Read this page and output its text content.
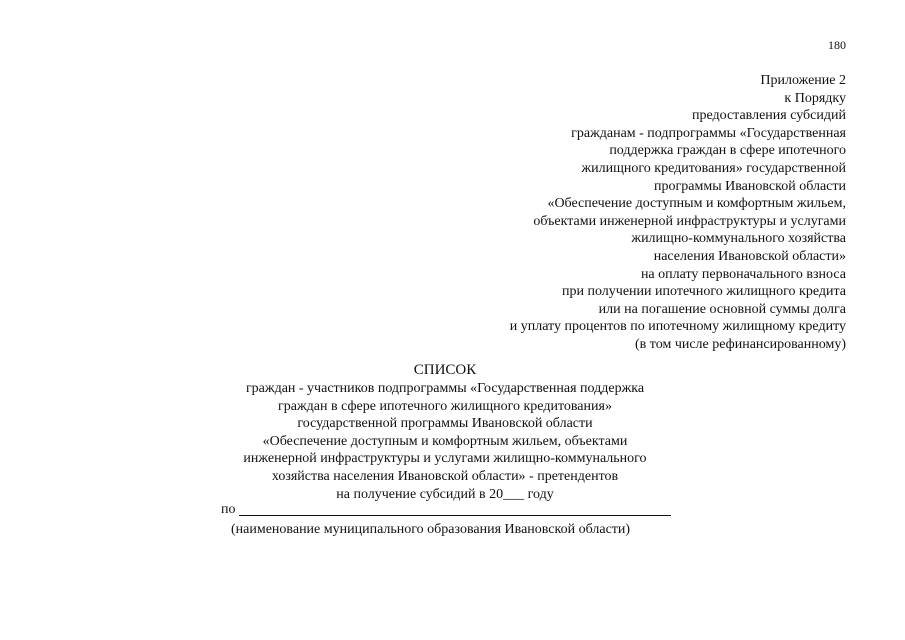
180
Приложение 2
к Порядку
предоставления субсидий
гражданам - подпрограммы «Государственная
поддержка граждан в сфере ипотечного
жилищного кредитования» государственной
программы Ивановской области
«Обеспечение доступным и комфортным жильем,
объектами инженерной инфраструктуры и услугами
жилищно-коммунального хозяйства
населения Ивановской области»
на оплату первоначального взноса
при получении ипотечного жилищного кредита
или на погашение основной суммы долга
и уплату процентов по ипотечному жилищному кредиту
(в том числе рефинансированному)
СПИСОК
граждан - участников подпрограммы «Государственная поддержка
граждан в сфере ипотечного жилищного кредитования»
государственной программы Ивановской области
«Обеспечение доступным и комфортным жильем, объектами
инженерной инфраструктуры и услугами жилищно-коммунального
хозяйства населения Ивановской области» - претендентов
на получение субсидий в 20___ году
по
(наименование муниципального образования Ивановской области)
